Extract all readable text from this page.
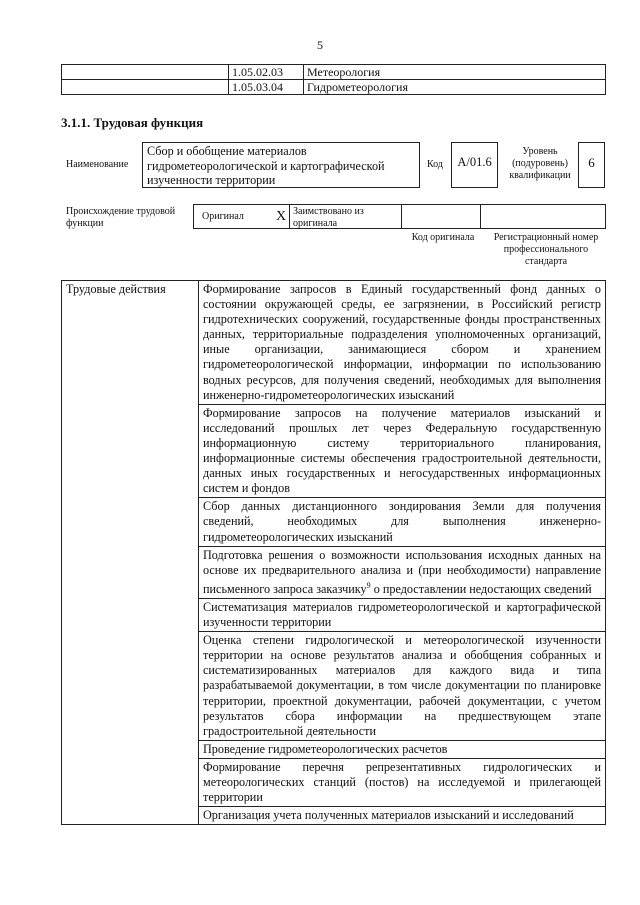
5
	1.05.02.03	Метеорология
	1.05.03.04	Гидрометеорология
3.1.1. Трудовая функция
Наименование
Сбор и обобщение материалов гидрометеорологической и картографической изученности территории
Код	А/01.6
Уровень (подуровень) квалификации
6
Происхождение трудовой функции
Оригинал X Заимствовано из оригинала
Код оригинала	Регистрационный номер профессионального стандарта
Трудовые действия	Формирование запросов в Единый государственный фонд данных о состоянии окружающей среды, ее загрязнении, в Российский регистр гидротехнических сооружений, государственные фонды пространственных данных, территориальные подразделения уполномоченных организаций, иные организации, занимающиеся сбором и хранением гидрометеорологической информации, информации по использованию водных ресурсов, для получения сведений, необходимых для выполнения инженерно-гидрометеорологических изысканий
Формирование запросов на получение материалов изысканий и исследований прошлых лет через Федеральную государственную информационную систему территориального планирования, информационные системы обеспечения градостроительной деятельности, данных иных государственных и негосударственных информационных систем и фондов
Сбор данных дистанционного зондирования Земли для получения сведений, необходимых для выполнения инженерно-гидрометеорологических изысканий
Подготовка решения о возможности использования исходных данных на основе их предварительного анализа и (при необходимости) направление письменного запроса заказчику$^9$ о предоставлении недостающих сведений
Систематизация материалов гидрометеорологической и картографической изученности территории
Оценка степени гидрологической и метеорологической изученности территории на основе результатов анализа и обобщения собранных и систематизированных материалов для каждого вида и типа разрабатываемой документации, в том числе документации по планировке территории, проектной документации, рабочей документации, с учетом результатов сбора информации на предшествующем этапе градостроительной деятельности
Проведение гидрометеорологических расчетов
Формирование перечня репрезентативных гидрологических и метеорологических станций (постов) на исследуемой и прилегающей территории
Организация учета полученных материалов изысканий и исследований
